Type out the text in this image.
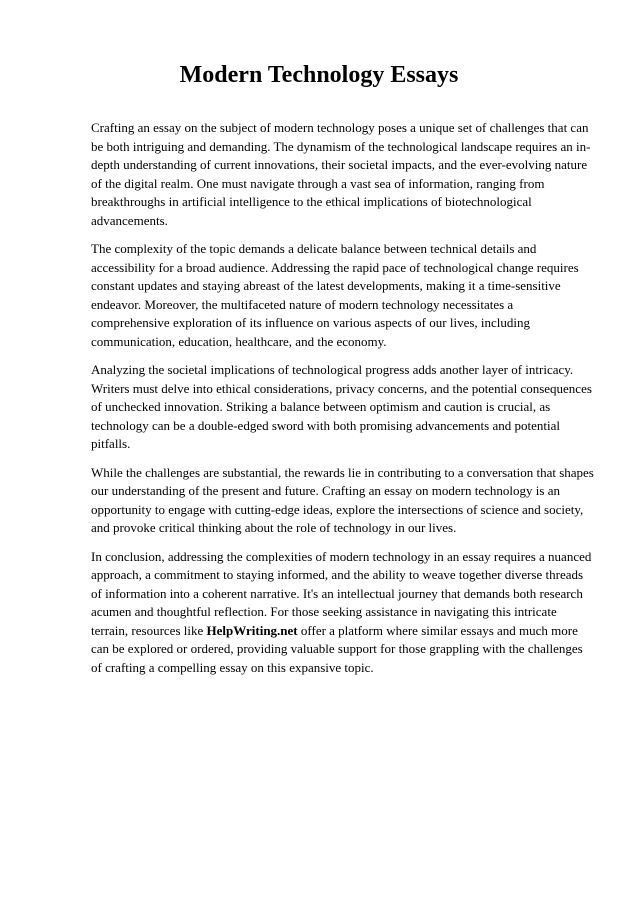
Modern Technology Essays

Crafting an essay on the subject of modern technology poses a unique set of challenges that can be both intriguing and demanding. The dynamism of the technological landscape requires an in-depth understanding of current innovations, their societal impacts, and the ever-evolving nature of the digital realm. One must navigate through a vast sea of information, ranging from breakthroughs in artificial intelligence to the ethical implications of biotechnological advancements.

The complexity of the topic demands a delicate balance between technical details and accessibility for a broad audience. Addressing the rapid pace of technological change requires constant updates and staying abreast of the latest developments, making it a time-sensitive endeavor. Moreover, the multifaceted nature of modern technology necessitates a comprehensive exploration of its influence on various aspects of our lives, including communication, education, healthcare, and the economy.

Analyzing the societal implications of technological progress adds another layer of intricacy. Writers must delve into ethical considerations, privacy concerns, and the potential consequences of unchecked innovation. Striking a balance between optimism and caution is crucial, as technology can be a double-edged sword with both promising advancements and potential pitfalls.

While the challenges are substantial, the rewards lie in contributing to a conversation that shapes our understanding of the present and future. Crafting an essay on modern technology is an opportunity to engage with cutting-edge ideas, explore the intersections of science and society, and provoke critical thinking about the role of technology in our lives.

In conclusion, addressing the complexities of modern technology in an essay requires a nuanced approach, a commitment to staying informed, and the ability to weave together diverse threads of information into a coherent narrative. It's an intellectual journey that demands both research acumen and thoughtful reflection. For those seeking assistance in navigating this intricate terrain, resources like HelpWriting.net offer a platform where similar essays and much more can be explored or ordered, providing valuable support for those grappling with the challenges of crafting a compelling essay on this expansive topic.
